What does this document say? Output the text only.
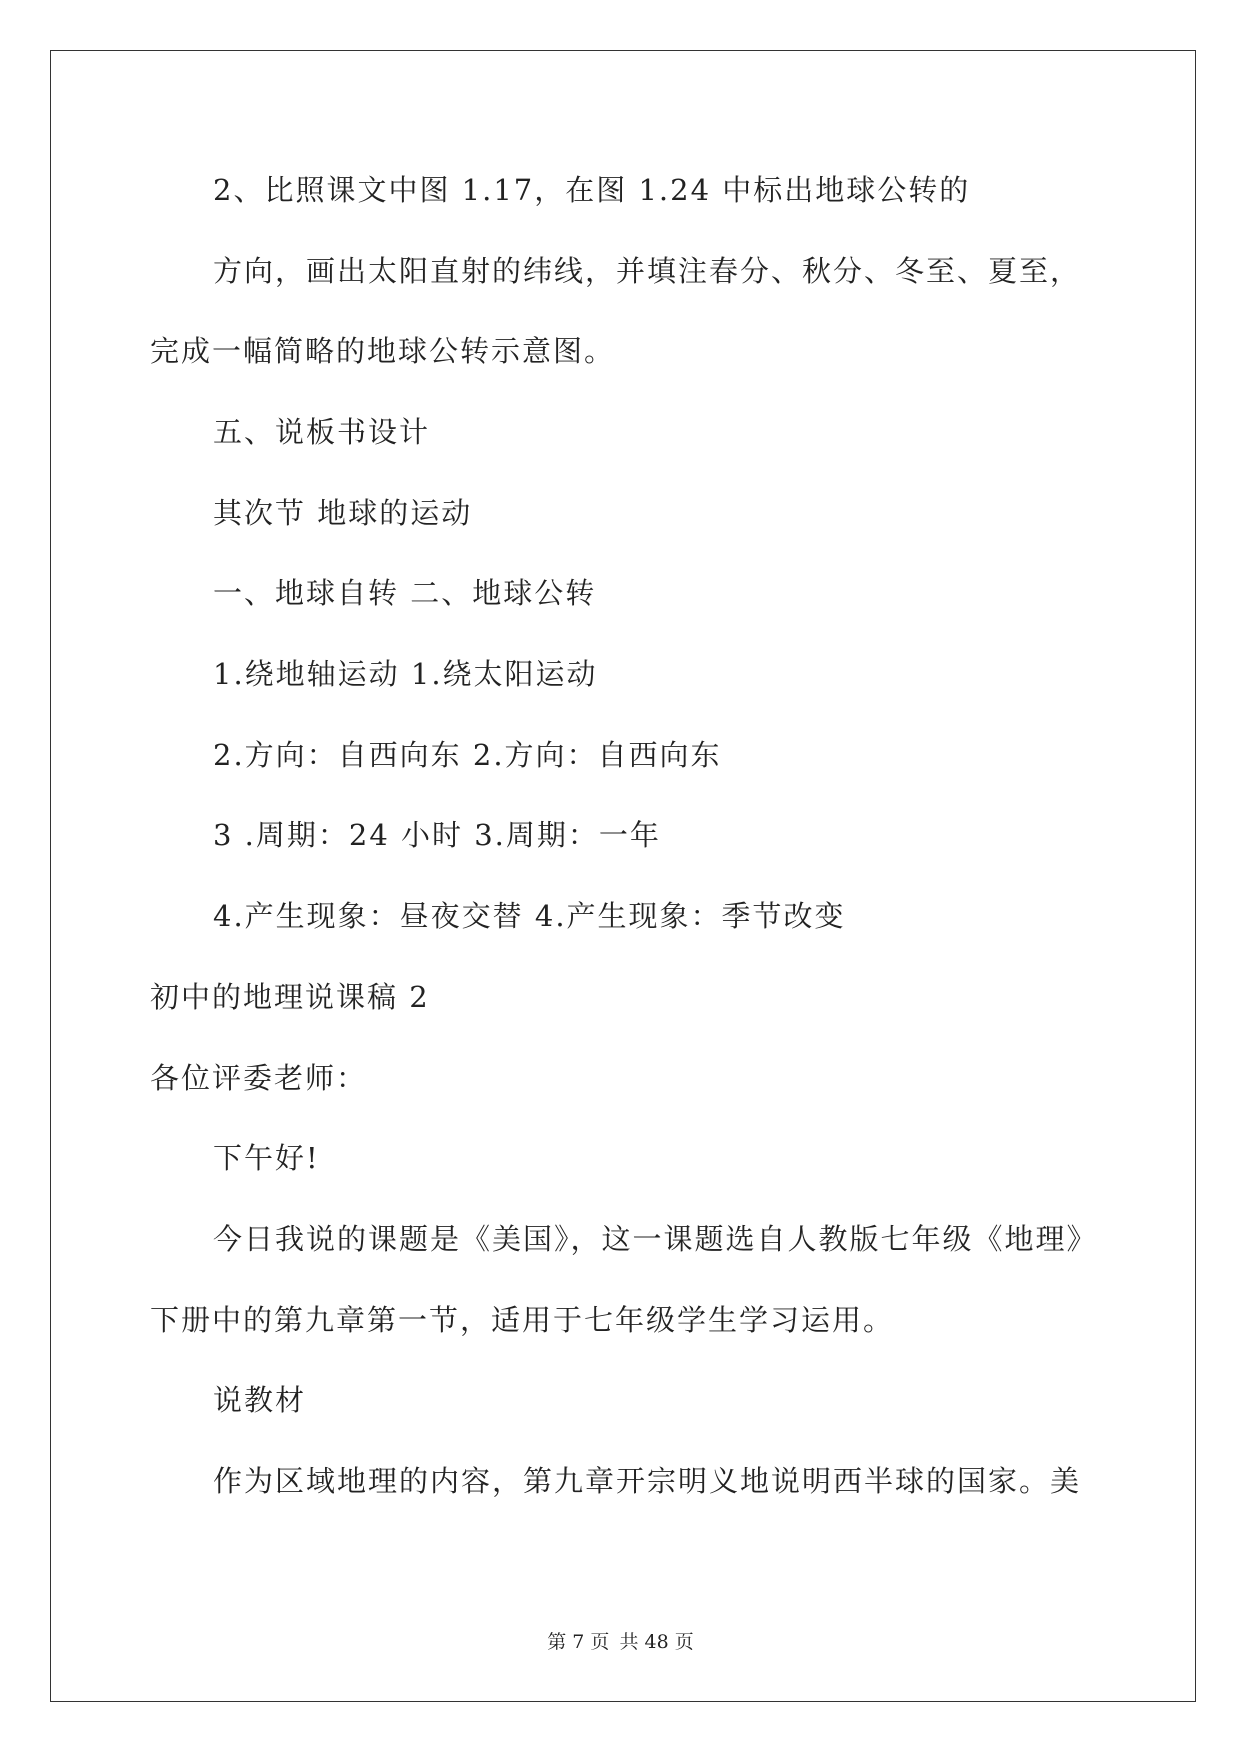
2、比照课文中图 1.17，在图 1.24 中标出地球公转的
方向，画出太阳直射的纬线，并填注春分、秋分、冬至、夏至，
完成一幅简略的地球公转示意图。
五、说板书设计
其次节 地球的运动
一、地球自转 二、地球公转
1.绕地轴运动 1.绕太阳运动
2.方向：自西向东 2.方向：自西向东
3 .周期：24 小时 3.周期：一年
4.产生现象：昼夜交替 4.产生现象：季节改变
初中的地理说课稿 2
各位评委老师：
下午好!
今日我说的课题是《美国》，这一课题选自人教版七年级《地理》
下册中的第九章第一节，适用于七年级学生学习运用。
说教材
作为区域地理的内容，第九章开宗明义地说明西半球的国家。美
第 7 页 共 48 页
